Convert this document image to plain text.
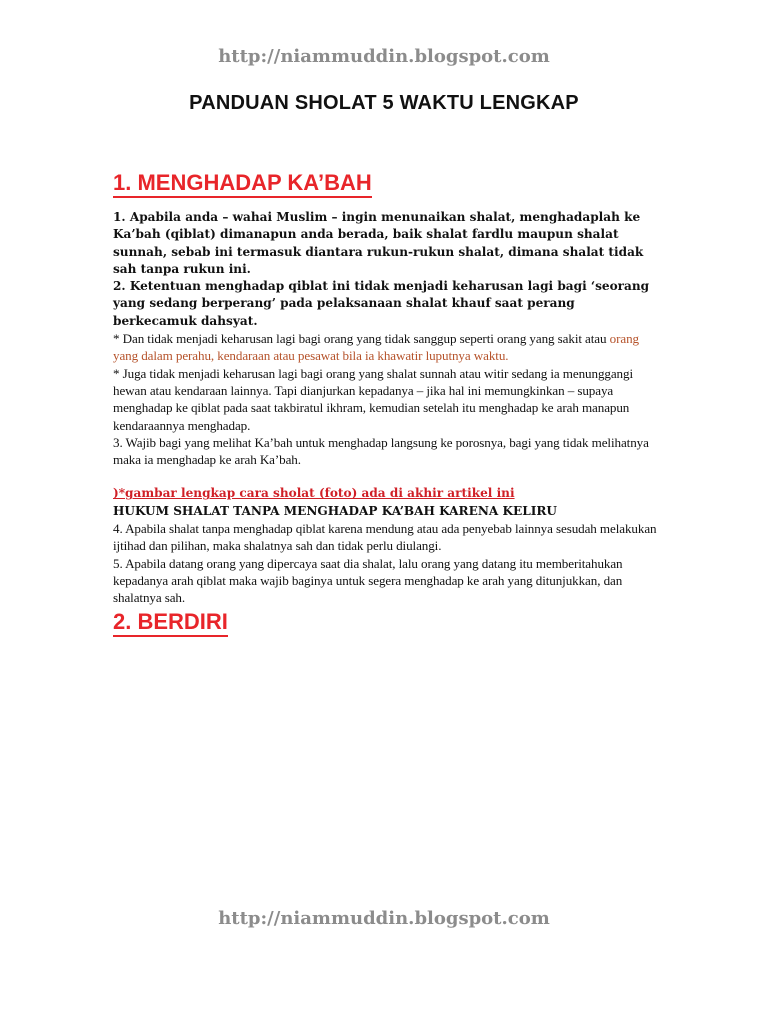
http://niammuddin.blogspot.com
PANDUAN SHOLAT 5 WAKTU LENGKAP
1. MENGHADAP KA’BAH

1. Apabila anda – wahai Muslim – ingin menunaikan shalat, menghadaplah ke Ka’bah (qiblat) dimanapun anda berada, baik shalat fardlu maupun shalat sunnah, sebab ini termasuk diantara rukun-rukun shalat, dimana shalat tidak sah tanpa rukun ini.

2. Ketentuan menghadap qiblat ini tidak menjadi keharusan lagi bagi ‘seorang yang sedang berperang’ pada pelaksanaan shalat khauf saat perang berkecamuk dahsyat.

* Dan tidak menjadi keharusan lagi bagi orang yang tidak sanggup seperti orang yang sakit atau orang yang dalam perahu, kendaraan atau pesawat bila ia khawatir luputnya waktu.

* Juga tidak menjadi keharusan lagi bagi orang yang shalat sunnah atau witir sedang ia menunggangi hewan atau kendaraan lainnya. Tapi dianjurkan kepadanya – jika hal ini memungkinkan – supaya menghadap ke qiblat pada saat takbiratul ikhram, kemudian setelah itu menghadap ke arah manapun kendaraannya menghadap.

3. Wajib bagi yang melihat Ka’bah untuk menghadap langsung ke porosnya, bagi yang tidak melihatnya maka ia menghadap ke arah Ka’bah.

)*gambar lengkap cara sholat (foto) ada di akhir artikel ini

HUKUM SHALAT TANPA MENGHADAP KA’BAH KARENA KELIRU

4. Apabila shalat tanpa menghadap qiblat karena mendung atau ada penyebab lainnya sesudah melakukan ijtihad dan pilihan, maka shalatnya sah dan tidak perlu diulangi.

5. Apabila datang orang yang dipercaya saat dia shalat, lalu orang yang datang itu memberitahukan kepadanya arah qiblat maka wajib baginya untuk segera menghadap ke arah yang ditunjukkan, dan shalatnya sah.

2. BERDIRI
http://niammuddin.blogspot.com
